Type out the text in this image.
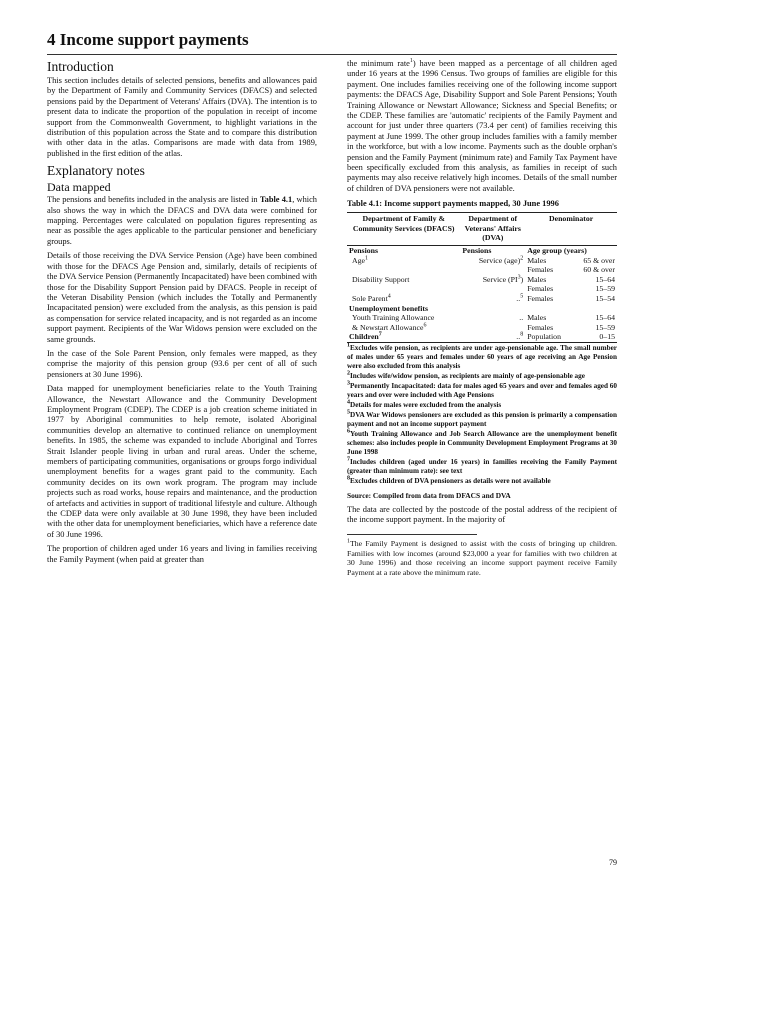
4 Income support payments
Introduction

This section includes details of selected pensions, benefits and allowances paid by the Department of Family and Community Services (DFACS) and selected pensions paid by the Department of Veterans' Affairs (DVA). The intention is to present data to indicate the proportion of the population in receipt of income support from the Commonwealth Government, to highlight variations in the distribution of this population across the State and to compare this distribution with other data in the atlas. Comparisons are made with data from 1989, published in the first edition of the atlas.

Explanatory notes
Data mapped

The pensions and benefits included in the analysis are listed in Table 4.1, which also shows the way in which the DFACS and DVA data were combined for mapping. Percentages were calculated on population figures representing as near as possible the ages applicable to the particular pensioner and beneficiary groups.

Details of those receiving the DVA Service Pension (Age) have been combined with those for the DFACS Age Pension and, similarly, details of recipients of the DVA Service Pension (Permanently Incapacitated) have been combined with those for the Disability Support Pension paid by DFACS. People in receipt of the Veteran Disability Pension (which includes the Totally and Permanently Incapacitated pension) were excluded from the analysis, as this pension is paid as compensation for service related incapacity, and is not regarded as an income support payment. Recipients of the War Widows pension were excluded on the same grounds.

In the case of the Sole Parent Pension, only females were mapped, as they comprise the majority of this pension group (93.6 per cent of all of such pensioners at 30 June 1996).

Data mapped for unemployment beneficiaries relate to the Youth Training Allowance, the Newstart Allowance and the Community Development Employment Program (CDEP). The CDEP is a job creation scheme initiated in 1977 by Aboriginal communities to help remote, isolated Aboriginal communities develop an alternative to continued reliance on unemployment benefits. In 1985, the scheme was expanded to include Aboriginal and Torres Strait Islander people living in urban and rural areas. Under the scheme, members of participating communities, organisations or groups forgo individual unemployment benefits for a wages grant paid to the community. Each community decides on its own work program. The program may include projects such as road works, house repairs and maintenance, and the production of artefacts and activities in support of traditional lifestyle and culture. Although the CDEP data were only available at 30 June 1998, they have been included with the other data for unemployment beneficiaries, which have a reference date of 30 June 1996.

The proportion of children aged under 16 years and living in families receiving the Family Payment (when paid at greater than

the minimum rate$^1$) have been mapped as a percentage of all children aged under 16 years at the 1996 Census. Two groups of families are eligible for this payment. One includes families receiving one of the following income support payments: the DFACS Age, Disability Support and Sole Parent Pensions; Youth Training Allowance or Newstart Allowance; Sickness and Special Benefits; or the CDEP. These families are 'automatic' recipients of the Family Payment and account for just under three quarters (73.4 per cent) of families receiving this payment at June 1999. The other group includes families with a family member in the workforce, but with a low income. Payments such as the double orphan's pension and the Family Payment (minimum rate) and Family Tax Payment have been specifically excluded from this analysis, as families in receipt of such payments may also receive relatively high incomes. Details of the small number of children of DVA pensioners were not available.

Table 4.1: Income support payments mapped, 30 June 1996
Department of Family & Community Services (DFACS)	Department of Veterans' Affairs (DVA)	Denominator	
Pensions	Pensions	Age group (years)	
Age$^1$	Service (age)$^2$	Males	65 & over
		Females	60 & over
Disability Support	Service $(PI^3)$	Males	15–64
		Females	15–59
Sole Parent$^4$	..$^5$	Females	15–54
Unemployment benefits			
Youth Training Allowance	..	Males	15–64
& Newstart Allowance$^6$		Females	15–59
Children$^7$	..$^8$	Population	0–15

$^1$Excludes wife pension, as recipients are under age-pensionable age. The small number of males under 65 years and females under 60 years of age receiving an Age Pension were also excluded from this analysis

$^2$Includes wife/widow pension, as recipients are mainly of age-pensionable age

$^3$Permanently Incapacitated: data for males aged 65 years and over and females aged 60 years and over were included with Age Pensions

$^4$Details for males were excluded from the analysis

$^5$DVA War Widows pensioners are excluded as this pension is primarily a compensation payment and not an income support payment

$^6$Youth Training Allowance and Job Search Allowance are the unemployment benefit schemes: also includes people in Community Development Employment Programs at 30 June 1998

$^7$Includes children (aged under 16 years) in families receiving the Family Payment (greater than minimum rate): see text

$^8$Excludes children of DVA pensioners as details were not available

Source: Compiled from data from DFACS and DVA

The data are collected by the postcode of the postal address of the recipient of the income support payment. In the majority of

$^1$The Family Payment is designed to assist with the costs of bringing up children. Families with low incomes (around $23,000 a year for families with two children at 30 June 1996) and those receiving an income support payment receive Family Payment at a rate above the minimum rate.

79
